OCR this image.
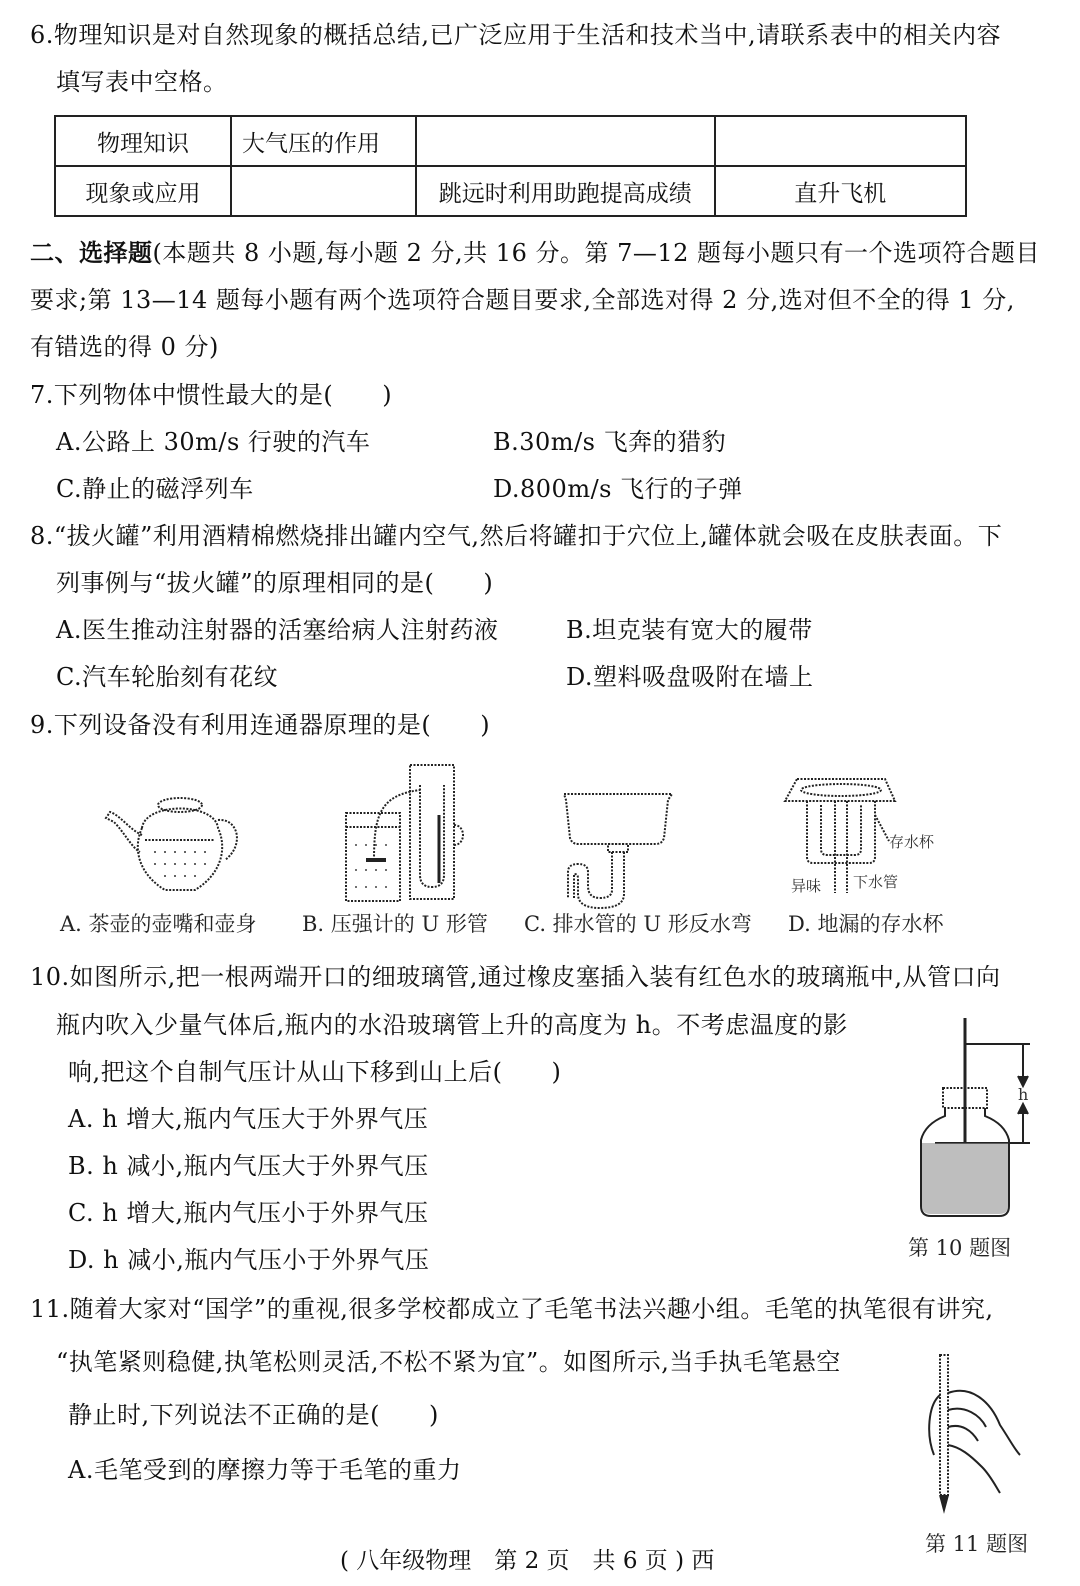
6.物理知识是对自然现象的概括总结,已广泛应用于生活和技术当中,请联系表中的相关内容
填写表中空格。
物理知识	大气压的作用		
现象或应用		跳远时利用助跑提高成绩	直升飞机
二、选择题(本题共 8 小题,每小题 2 分,共 16 分。第 7—12 题每小题只有一个选项符合题目
要求;第 13—14 题每小题有两个选项符合题目要求,全部选对得 2 分,选对但不全的得 1 分,
有错选的得 0 分)
7.下列物体中惯性最大的是(　　)
A.公路上 30m/s 行驶的汽车	B.30m/s 飞奔的猎豹
C.静止的磁浮列车	D.800m/s 飞行的子弹
8.“拔火罐”利用酒精棉燃烧排出罐内空气,然后将罐扣于穴位上,罐体就会吸在皮肤表面。下
列事例与“拔火罐”的原理相同的是(　　)
A.医生推动注射器的活塞给病人注射药液	B.坦克装有宽大的履带
C.汽车轮胎刻有花纹	D.塑料吸盘吸附在墙上
9.下列设备没有利用连通器原理的是(　　)
存水杯
异味 下水管
A. 茶壶的壶嘴和壶身 B. 压强计的 U 形管 C. 排水管的 U 形反水弯 D. 地漏的存水杯
10.如图所示,把一根两端开口的细玻璃管,通过橡皮塞插入装有红色水的玻璃瓶中,从管口向
瓶内吹入少量气体后,瓶内的水沿玻璃管上升的高度为 h。不考虑温度的影
响,把这个自制气压计从山下移到山上后(　　)
A. h 增大,瓶内气压大于外界气压
B. h 减小,瓶内气压大于外界气压
C. h 增大,瓶内气压小于外界气压
D. h 减小,瓶内气压小于外界气压
h
第 10 题图
11.随着大家对“国学”的重视,很多学校都成立了毛笔书法兴趣小组。毛笔的执笔很有讲究,
“执笔紧则稳健,执笔松则灵活,不松不紧为宜”。如图所示,当手执毛笔悬空
静止时,下列说法不正确的是(　　)
A.毛笔受到的摩擦力等于毛笔的重力
第 11 题图
( 八年级物理　第 2 页　共 6 页 ) 西
